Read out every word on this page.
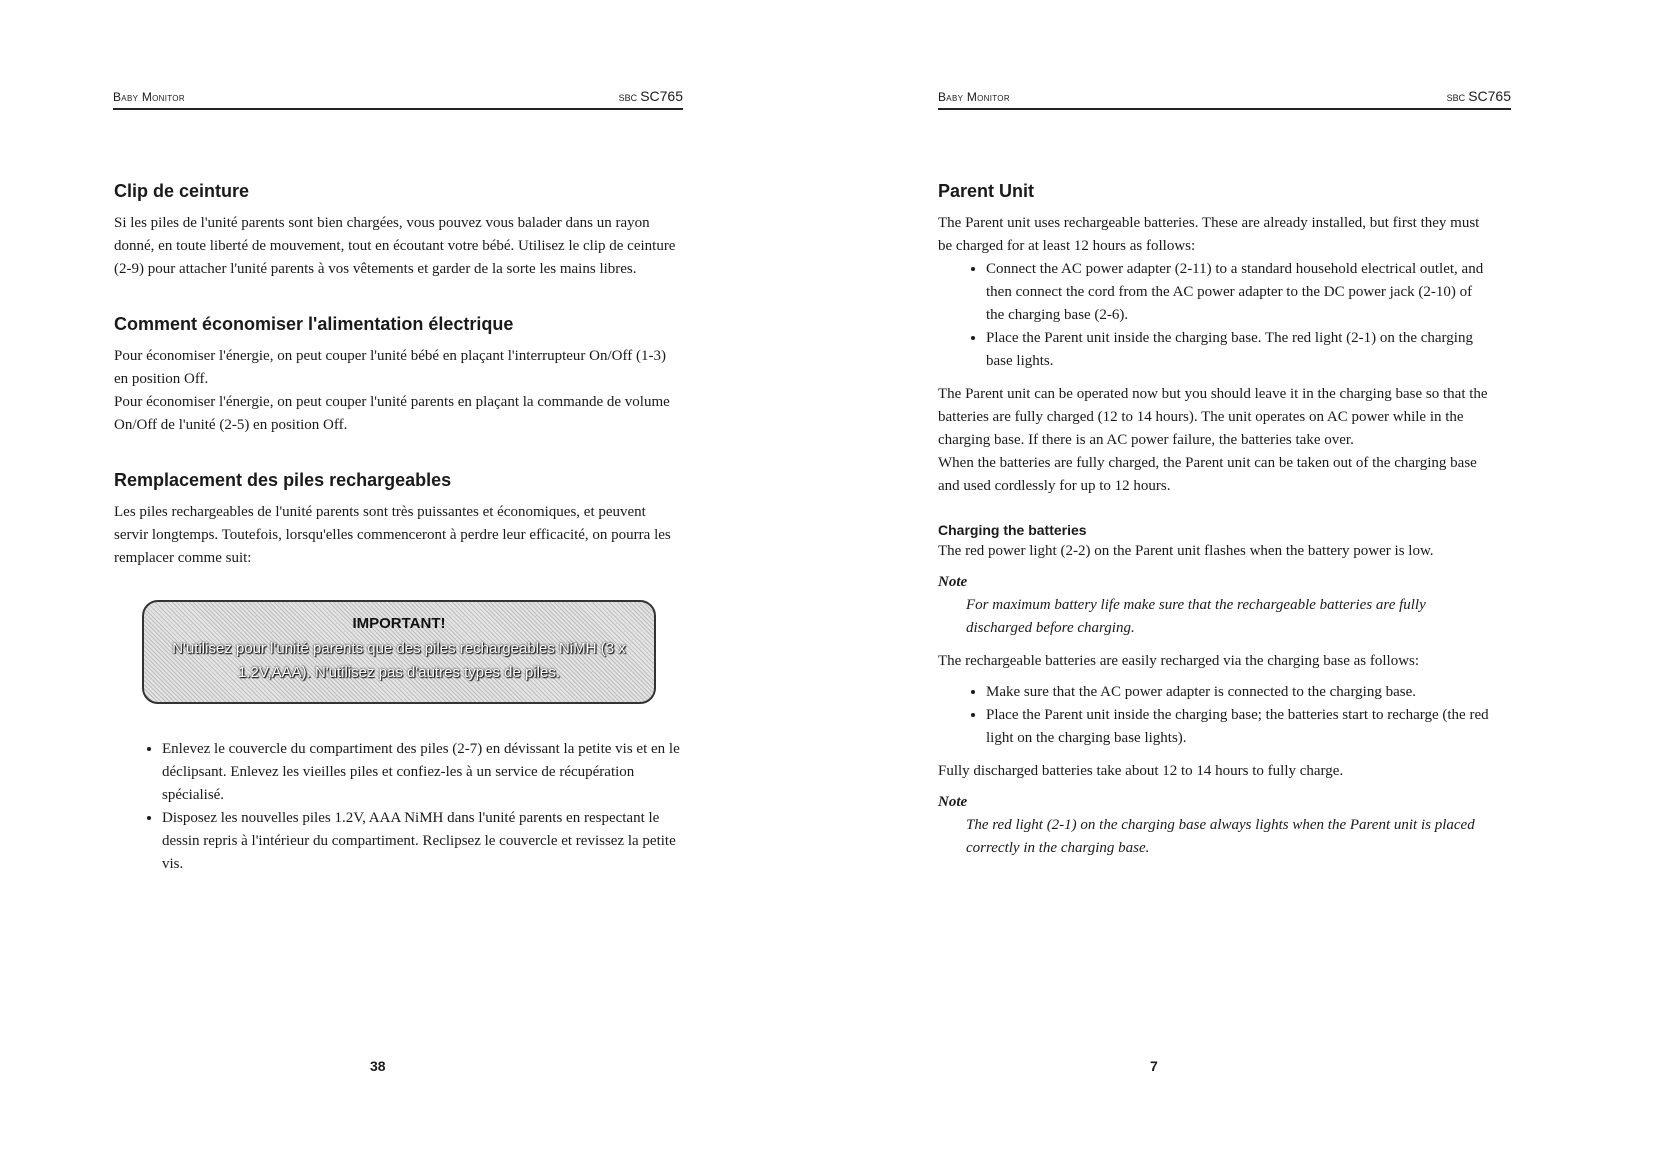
Baby Monitor	SBC SC765
Clip de ceinture

Si les piles de l'unité parents sont bien chargées, vous pouvez vous balader dans un rayon donné, en toute liberté de mouvement, tout en écoutant votre bébé. Utilisez le clip de ceinture (2-9) pour attacher l'unité parents à vos vêtements et garder de la sorte les mains libres.

Comment économiser l'alimentation électrique

Pour économiser l'énergie, on peut couper l'unité bébé en plaçant l'interrupteur On/Off (1-3) en position Off.

Pour économiser l'énergie, on peut couper l'unité parents en plaçant la commande de volume On/Off de l'unité (2-5) en position Off.

Remplacement des piles rechargeables

Les piles rechargeables de l'unité parents sont très puissantes et économiques, et peuvent servir longtemps. Toutefois, lorsqu'elles commenceront à perdre leur efficacité, on pourra les remplacer comme suit:

IMPORTANT!
N'utilisez pour l'unité parents que des piles rechargeables NiMH (3 x 1.2V,AAA). N'utilisez pas d'autres types de piles.
• Enlevez le couvercle du compartiment des piles (2-7) en dévissant la petite vis et en le déclipsant. Enlevez les vieilles piles et confiez-les à un service de récupération spécialisé.
• Disposez les nouvelles piles 1.2V, AAA NiMH dans l'unité parents en respectant le dessin repris à l'intérieur du compartiment. Reclipsez le couvercle et revissez la petite vis.
38
Baby Monitor	SBC SC765
Parent Unit

The Parent unit uses rechargeable batteries. These are already installed, but first they must be charged for at least 12 hours as follows:

• Connect the AC power adapter (2-11) to a standard household electrical outlet, and then connect the cord from the AC power adapter to the DC power jack (2-10) of the charging base (2-6).
• Place the Parent unit inside the charging base. The red light (2-1) on the charging base lights.

The Parent unit can be operated now but you should leave it in the charging base so that the batteries are fully charged (12 to 14 hours). The unit operates on AC power while in the charging base. If there is an AC power failure, the batteries take over.

When the batteries are fully charged, the Parent unit can be taken out of the charging base and used cordlessly for up to 12 hours.

Charging the batteries

The red power light (2-2) on the Parent unit flashes when the battery power is low.

Note

For maximum battery life make sure that the rechargeable batteries are fully discharged before charging.

The rechargeable batteries are easily recharged via the charging base as follows:

• Make sure that the AC power adapter is connected to the charging base.
• Place the Parent unit inside the charging base; the batteries start to recharge (the red light on the charging base lights).

Fully discharged batteries take about 12 to 14 hours to fully charge.

Note

The red light (2-1) on the charging base always lights when the Parent unit is placed correctly in the charging base.

7
